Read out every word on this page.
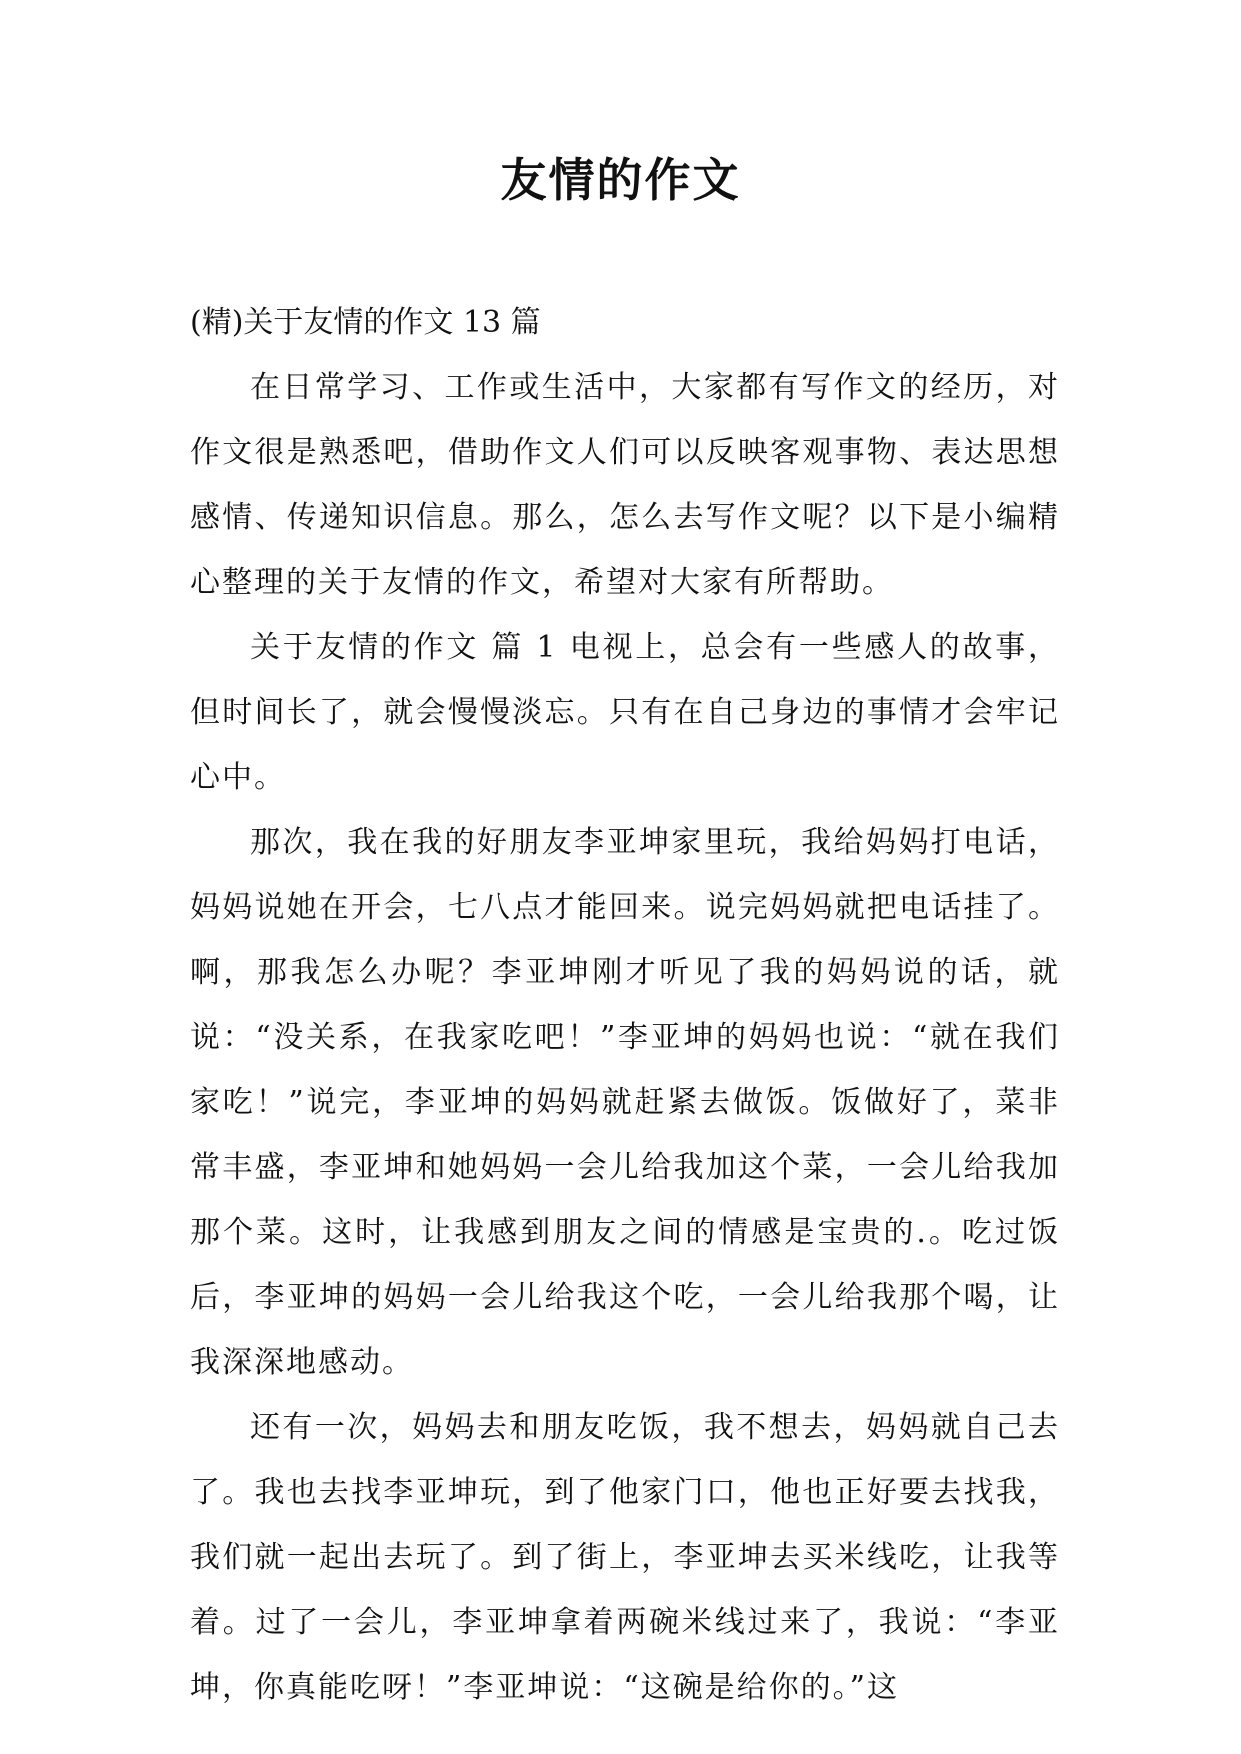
友情的作文

(精)关于友情的作文 13 篇

在日常学习、工作或生活中，大家都有写作文的经历，对作文很是熟悉吧，借助作文人们可以反映客观事物、表达思想感情、传递知识信息。那么，怎么去写作文呢？以下是小编精心整理的关于友情的作文，希望对大家有所帮助。

关于友情的作文 篇 1 电视上，总会有一些感人的故事，但时间长了，就会慢慢淡忘。只有在自己身边的事情才会牢记心中。

那次，我在我的好朋友李亚坤家里玩，我给妈妈打电话，妈妈说她在开会，七八点才能回来。说完妈妈就把电话挂了。啊，那我怎么办呢？李亚坤刚才听见了我的妈妈说的话，就说：“没关系，在我家吃吧！”李亚坤的妈妈也说：“就在我们家吃！”说完，李亚坤的妈妈就赶紧去做饭。饭做好了，菜非常丰盛，李亚坤和她妈妈一会儿给我加这个菜，一会儿给我加那个菜。这时，让我感到朋友之间的情感是宝贵的.。吃过饭后，李亚坤的妈妈一会儿给我这个吃，一会儿给我那个喝，让我深深地感动。

还有一次，妈妈去和朋友吃饭，我不想去，妈妈就自己去了。我也去找李亚坤玩，到了他家门口，他也正好要去找我，我们就一起出去玩了。到了街上，李亚坤去买米线吃，让我等着。过了一会儿，李亚坤拿着两碗米线过来了，我说：“李亚坤，你真能吃呀！”李亚坤说：“这碗是给你的。”这
